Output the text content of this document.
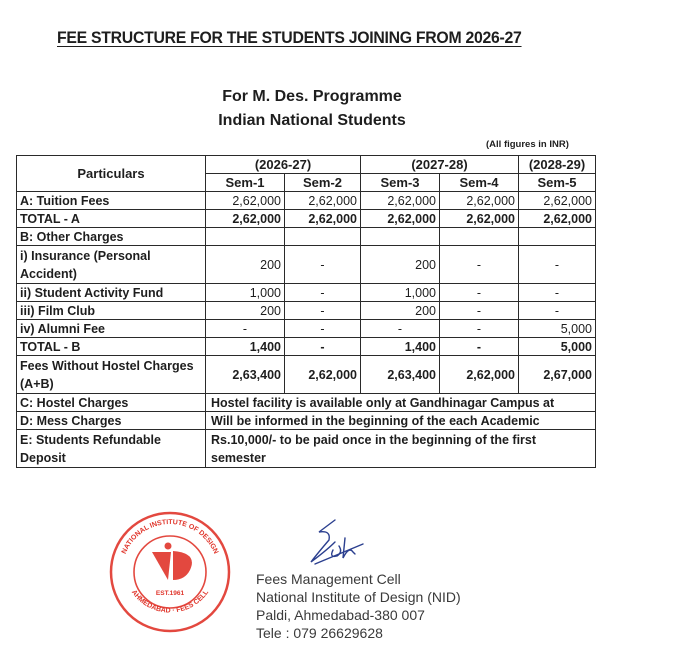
FEE STRUCTURE FOR THE STUDENTS JOINING FROM 2026-27
For M. Des. Programme
Indian National Students
(All figures in INR)
Particulars	(2026-27)		(2027-28)		(2028-29)
	Sem-1	Sem-2	Sem-3	Sem-4	Sem-5
A: Tuition Fees	2,62,000	2,62,000	2,62,000	2,62,000	2,62,000
TOTAL - A	2,62,000	2,62,000	2,62,000	2,62,000	2,62,000
B: Other Charges					
i) Insurance (Personal Accident)	200	-	200	-	-
ii) Student Activity Fund	1,000	-	1,000	-	-
iii) Film Club	200	-	200	-	-
iv) Alumni Fee	-	-	-	-	5,000
TOTAL - B	1,400	-	1,400	-	5,000
Fees Without Hostel Charges (A+B)	2,63,400	2,62,000	2,63,400	2,62,000	2,67,000
C: Hostel Charges	Hostel facility is available only at Gandhinagar Campus at				
D: Mess Charges	Will be informed in the beginning of the each Academic				
E: Students Refundable Deposit	Rs.10,000/- to be paid once in the beginning of the first semester				
EST.1961
NATIONAL INSTITUTE OF DESIGN
AHMEDABAD · FEES CELL
Fees Management Cell
National Institute of Design (NID)
Paldi, Ahmedabad-380 007
Tele : 079 26629628
